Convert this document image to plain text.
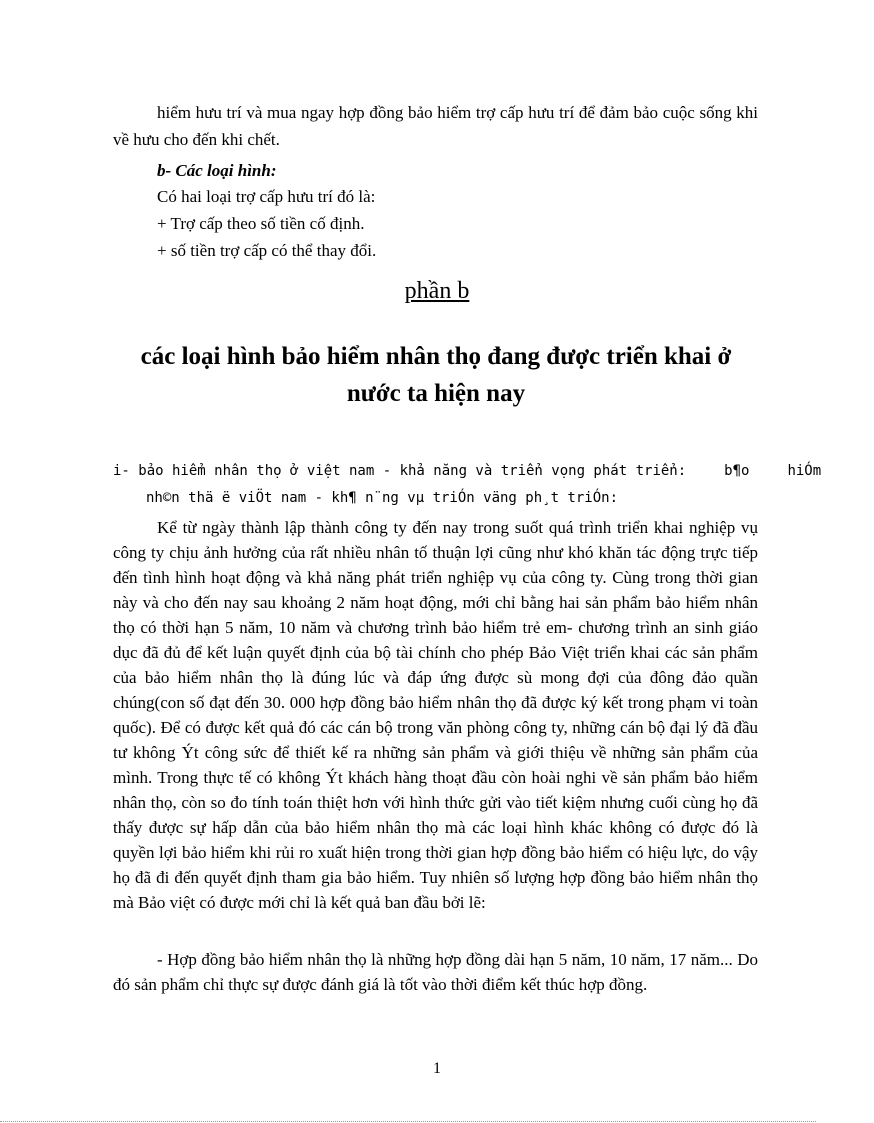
hiểm hưu trí và mua ngay hợp đồng bảo hiểm trợ cấp hưu trí để đảm bảo cuộc sống khi về hưu cho đến khi chết.
b- Các loại hình:
Có hai loại trợ cấp hưu trí đó là:
+ Trợ cấp theo số tiền cố định.
+ số tiền trợ cấp có thể thay đổi.
phần b
các loại hình bảo hiểm nhân thọ đang được triển khai ở nước ta hiện nay
i- bảo hiểm nhân thọ ở việt nam - khả năng và triển vọng phát triển:	b¶o	hiÓm
nh©n thä ë viÖt nam - kh¶ n¨ng vµ triÓn väng ph¸t triÓn:
Kể từ ngày thành lập thành công ty đến nay trong suốt quá trình triển khai nghiệp vụ công ty chịu ảnh hưởng của rất nhiều nhân tố thuận lợi cũng như khó khăn tác động trực tiếp đến tình hình hoạt động và khả năng phát triển nghiệp vụ của công ty. Cùng trong thời gian này và cho đến nay sau khoảng 2 năm hoạt động, mới chỉ bằng hai sản phẩm bảo hiểm nhân thọ có thời hạn 5 năm, 10 năm và chương trình bảo hiểm trẻ em- chương trình an sinh giáo dục đã đủ để kết luận quyết định của bộ tài chính cho phép Bảo Việt triển khai các sản phẩm của bảo hiểm nhân thọ là đúng lúc và đáp ứng được sù mong đợi của đông đảo quần chúng(con số đạt đến 30. 000 hợp đồng bảo hiểm nhân thọ đã được ký kết trong phạm vi toàn quốc). Để có được kết quả đó các cán bộ trong văn phòng công ty, những cán bộ đại lý đã đầu tư không Ýt công sức để thiết kế ra những sản phẩm và giới thiệu về những sản phẩm của mình. Trong thực tế có không Ýt khách hàng thoạt đầu còn hoài nghi về sản phẩm bảo hiểm nhân thọ, còn so đo tính toán thiệt hơn với hình thức gửi vào tiết kiệm nhưng cuối cùng họ đã thấy được sự hấp dẫn của bảo hiểm nhân thọ mà các loại hình khác không có được đó là quyền lợi bảo hiểm khi rủi ro xuất hiện trong thời gian hợp đồng bảo hiểm có hiệu lực, do vậy họ đã đi đến quyết định tham gia bảo hiểm. Tuy nhiên số lượng hợp đồng bảo hiểm nhân thọ mà Bảo việt có được mới chỉ là kết quả ban đầu bởi lẽ:
- Hợp đồng bảo hiểm nhân thọ là những hợp đồng dài hạn 5 năm, 10 năm, 17 năm... Do đó sản phẩm chỉ thực sự được đánh giá là tốt vào thời điểm kết thúc hợp đồng.
1
